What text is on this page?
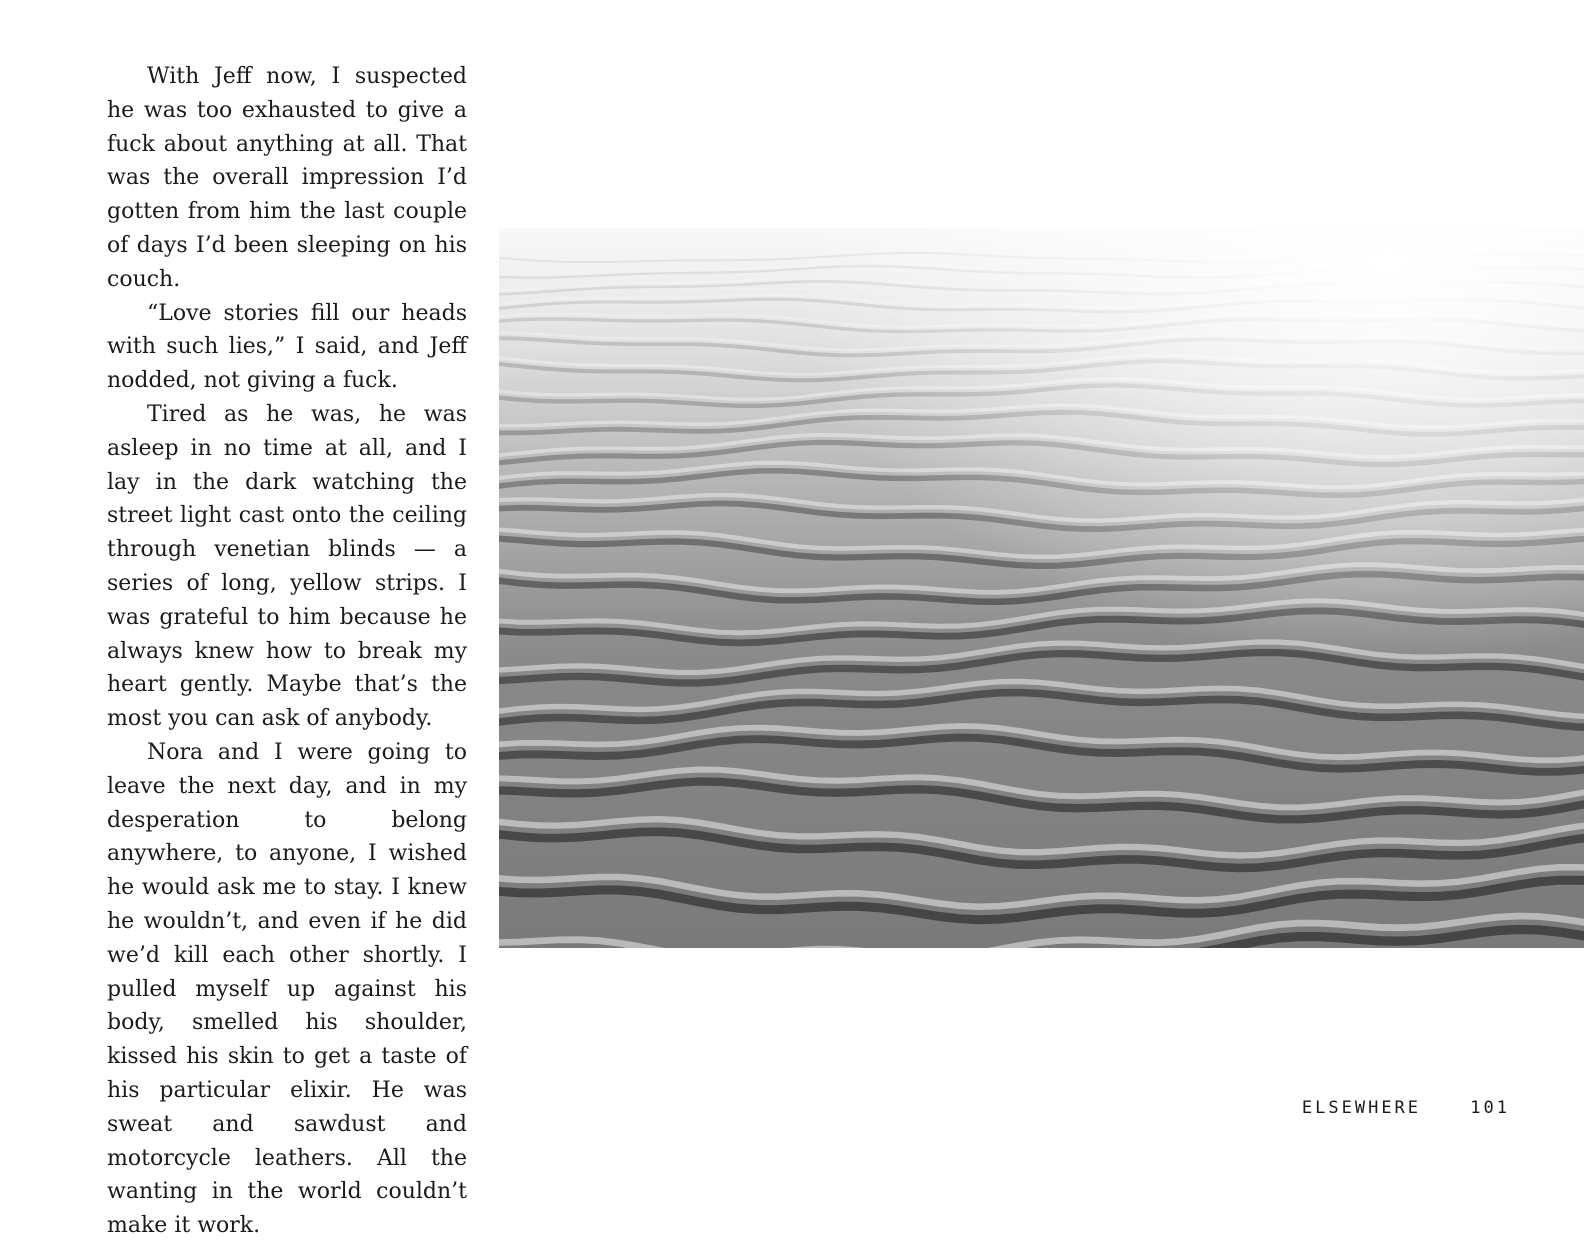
With Jeff now, I suspected he was too exhausted to give a fuck about anything at all. That was the overall impression I’d gotten from him the last couple of days I’d been sleeping on his couch.

“Love stories fill our heads with such lies,” I said, and Jeff nodded, not giving a fuck.

Tired as he was, he was asleep in no time at all, and I lay in the dark watching the street light cast onto the ceiling through venetian blinds — a series of long, yellow strips. I was grateful to him because he always knew how to break my heart gently. Maybe that’s the most you can ask of anybody.

Nora and I were going to leave the next day, and in my desperation to belong anywhere, to anyone, I wished he would ask me to stay. I knew he wouldn’t, and even if he did we’d kill each other shortly. I pulled myself up against his body, smelled his shoulder, kissed his skin to get a taste of his particular elixir. He was sweat and sawdust and motorcycle leathers. All the wanting in the world couldn’t make it work.

ELSEWHERE	101
